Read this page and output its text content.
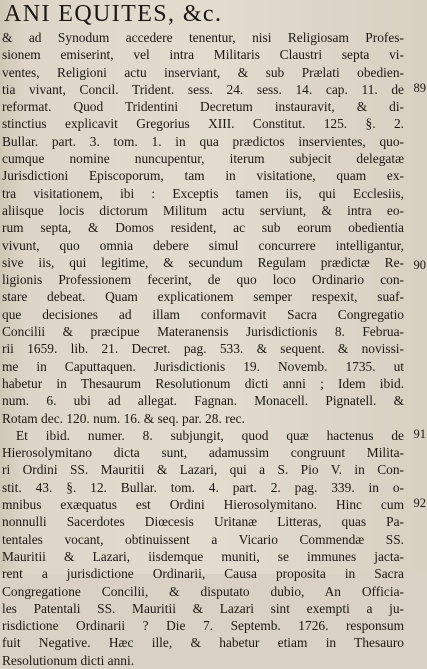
ANI EQUITES, &c.
& ad Synodum accedere tenentur, nisi Religiosam Profes-
sionem emiserint, vel intra Militaris Claustri septa vi-
ventes, Religioni actu inserviant, & sub Prælati obedien-
tia vivant, Concil. Trident. sess. 24. sess. 14. cap. 11. de
reformat. Quod Tridentini Decretum instauravit, & di-
stinctius explicavit Gregorius XIII. Constitut. 125. §. 2.
Bullar. part. 3. tom. 1. in qua prædictos inservientes, quo-
cumque nomine nuncupentur, iterum subjecit delegatæ
Jurisdictioni Episcoporum, tam in visitatione, quam ex-
tra visitationem, ibi : Exceptis tamen iis, qui Ecclesiis,
aliisque locis dictorum Militum actu serviunt, & intra eo-
rum septa, & Domos resident, ac sub eorum obedientia
vivunt, quo omnia debere simul concurrere intelligantur,
sive iis, qui legitime, & secundum Regulam prædictæ Re-
ligionis Professionem fecerint, de quo loco Ordinario con-
stare debeat. Quam explicationem semper respexit, suaf-
que decisiones ad illam conformavit Sacra Congregatio
Concilii & præcipue Materanensis Jurisdictionis 8. Februa-
rii 1659. lib. 21. Decret. pag. 533. & sequent. & novissi-
me in Caputtaquen. Jurisdictionis 19. Novemb. 1735. ut
habetur in Thesaurum Resolutionum dicti anni ; Idem ibid.
num. 6. ubi ad allegat. Fagnan. Monacell. Pignatell. &
Rotam dec. 120. num. 16. & seq. par. 28. rec.
Et ibid. numer. 8. subjungit, quod quæ hactenus de
Hierosolymitano dicta sunt, adamussim congruunt Milita-
ri Ordini SS. Mauritii & Lazari, qui a S. Pio V. in Con-
stit. 43. §. 12. Bullar. tom. 4. part. 2. pag. 339. in o-
mnibus exæquatus est Ordini Hierosolymitano. Hinc cum
nonnulli Sacerdotes Diœcesis Uritanæ Litteras, quas Pa-
tentales vocant, obtinuissent a Vicario Commendæ SS.
Mauritii & Lazari, iisdemque muniti, se immunes jacta-
rent a jurisdictione Ordinarii, Causa proposita in Sacra
Congregatione Concilii, & disputato dubio, An Officia-
les Patentali SS. Mauritii & Lazari sint exempti a ju-
risdictione Ordinarii ? Die 7. Septemb. 1726. responsum
fuit Negative. Hæc ille, & habetur etiam in Thesauro
Resolutionum dicti anni.
89
90
91
92
